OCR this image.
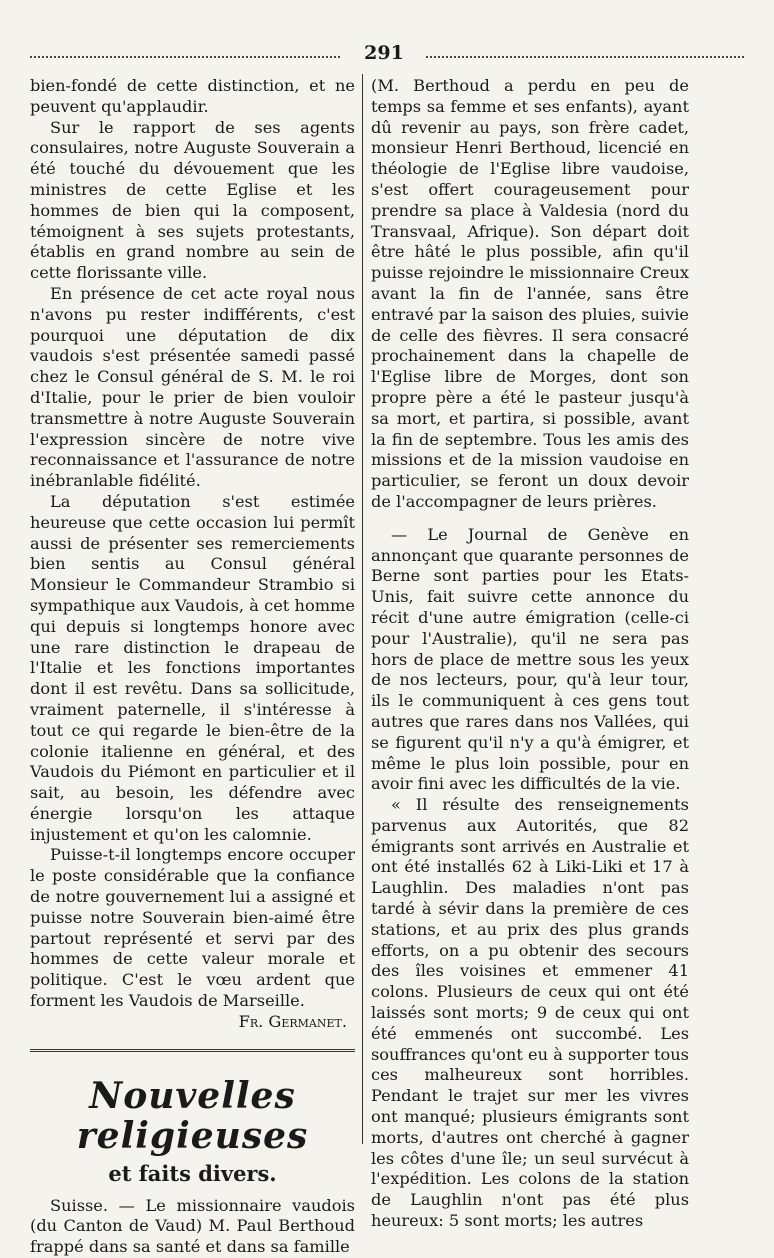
291

bien-fondé de cette distinction, et ne peuvent qu'applaudir.

Sur le rapport de ses agents consulaires, notre Auguste Souverain a été touché du dévouement que les ministres de cette Eglise et les hommes de bien qui la composent, témoignent à ses sujets protestants, établis en grand nombre au sein de cette florissante ville.

En présence de cet acte royal nous n'avons pu rester indifférents, c'est pourquoi une députation de dix vaudois s'est présentée samedi passé chez le Consul général de S. M. le roi d'Italie, pour le prier de bien vouloir transmettre à notre Auguste Souverain l'expression sincère de notre vive reconnaissance et l'assurance de notre inébranlable fidélité.

La députation s'est estimée heureuse que cette occasion lui permît aussi de présenter ses remerciements bien sentis au Consul général Monsieur le Commandeur Strambio si sympathique aux Vaudois, à cet homme qui depuis si longtemps honore avec une rare distinction le drapeau de l'Italie et les fonctions importantes dont il est revêtu. Dans sa sollicitude, vraiment paternelle, il s'intéresse à tout ce qui regarde le bien-être de la colonie italienne en général, et des Vaudois du Piémont en particulier et il sait, au besoin, les défendre avec énergie lorsqu'on les attaque injustement et qu'on les calomnie.

Puisse-t-il longtemps encore occuper le poste considérable que la confiance de notre gouvernement lui a assigné et puisse notre Souverain bien-aimé être partout représenté et servi par des hommes de cette valeur morale et politique. C'est le vœu ardent que forment les Vaudois de Marseille.

Fr. Germanet.

Nouvelles religieuses
et faits divers.

Suisse. — Le missionnaire vaudois (du Canton de Vaud) M. Paul Berthoud frappé dans sa santé et dans sa famille

(M. Berthoud a perdu en peu de temps sa femme et ses enfants), ayant dû revenir au pays, son frère cadet, monsieur Henri Berthoud, licencié en théologie de l'Eglise libre vaudoise, s'est offert courageusement pour prendre sa place à Valdesia (nord du Transvaal, Afrique). Son départ doit être hâté le plus possible, afin qu'il puisse rejoindre le missionnaire Creux avant la fin de l'année, sans être entravé par la saison des pluies, suivie de celle des fièvres. Il sera consacré prochainement dans la chapelle de l'Eglise libre de Morges, dont son propre père a été le pasteur jusqu'à sa mort, et partira, si possible, avant la fin de septembre. Tous les amis des missions et de la mission vaudoise en particulier, se feront un doux devoir de l'accompagner de leurs prières.

— Le Journal de Genève en annonçant que quarante personnes de Berne sont parties pour les Etats-Unis, fait suivre cette annonce du récit d'une autre émigration (celle-ci pour l'Australie), qu'il ne sera pas hors de place de mettre sous les yeux de nos lecteurs, pour, qu'à leur tour, ils le communiquent à ces gens tout autres que rares dans nos Vallées, qui se figurent qu'il n'y a qu'à émigrer, et même le plus loin possible, pour en avoir fini avec les difficultés de la vie.

« Il résulte des renseignements parvenus aux Autorités, que 82 émigrants sont arrivés en Australie et ont été installés 62 à Liki-Liki et 17 à Laughlin. Des maladies n'ont pas tardé à sévir dans la première de ces stations, et au prix des plus grands efforts, on a pu obtenir des secours des îles voisines et emmener 41 colons. Plusieurs de ceux qui ont été laissés sont morts; 9 de ceux qui ont été emmenés ont succombé. Les souffrances qu'ont eu à supporter tous ces malheureux sont horribles. Pendant le trajet sur mer les vivres ont manqué; plusieurs émigrants sont morts, d'autres ont cherché à gagner les côtes d'une île; un seul survécut à l'expédition. Les colons de la station de Laughlin n'ont pas été plus heureux: 5 sont morts; les autres
